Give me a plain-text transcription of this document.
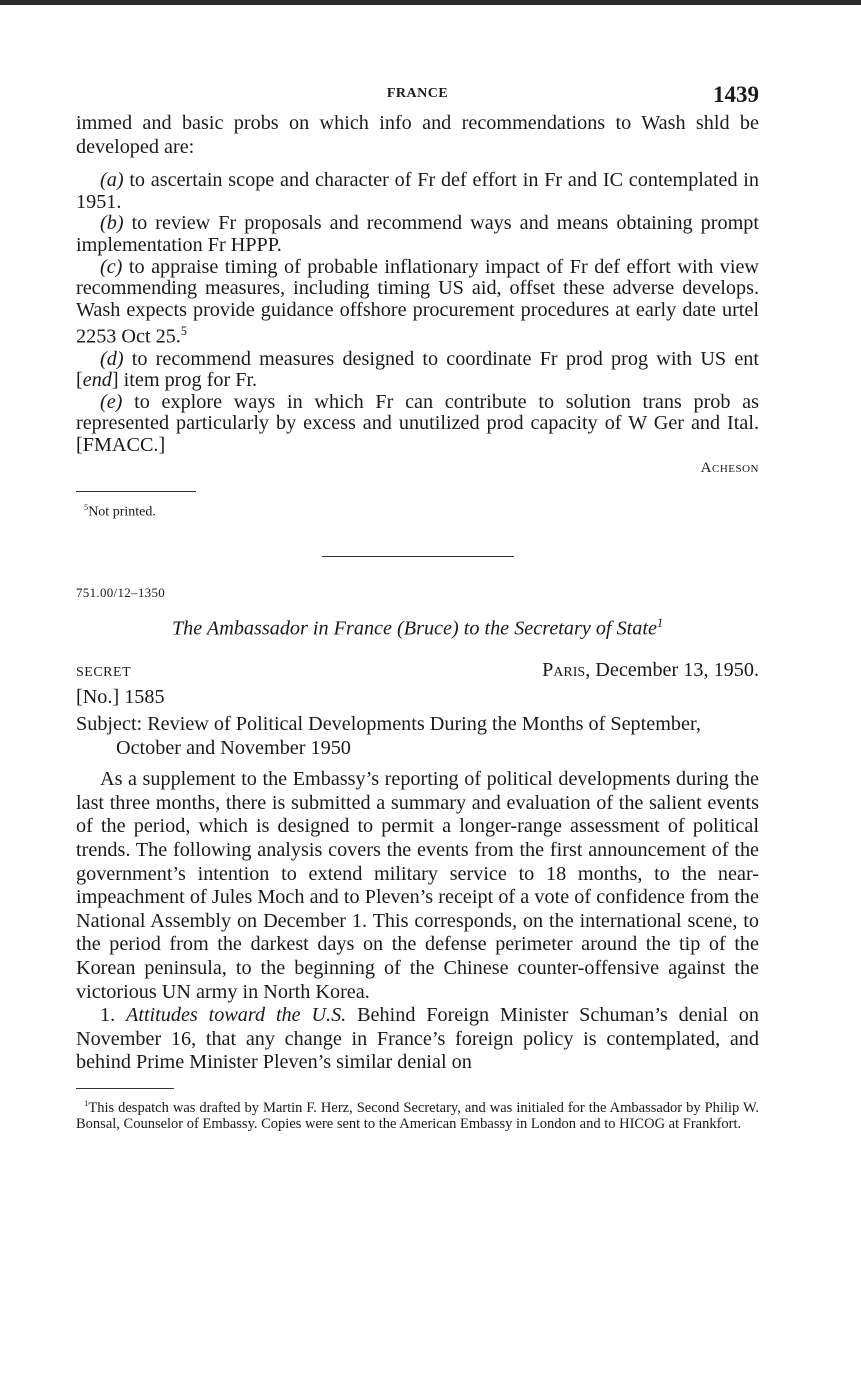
FRANCE	1439

immed and basic probs on which info and recommendations to Wash shld be developed are:

(a) to ascertain scope and character of Fr def effort in Fr and IC contemplated in 1951.

(b) to review Fr proposals and recommend ways and means obtaining prompt implementation Fr HPPP.

(c) to appraise timing of probable inflationary impact of Fr def effort with view recommending measures, including timing US aid, offset these adverse develops. Wash expects provide guidance offshore procurement procedures at early date urtel 2253 Oct 25.$^5$

(d) to recommend measures designed to coordinate Fr prod prog with US ent [end] item prog for Fr.

(e) to explore ways in which Fr can contribute to solution trans prob as represented particularly by excess and unutilized prod capacity of W Ger and Ital. [FMACC.]

Acheson

$^5$Not printed.

751.00/12–1350

The Ambassador in France (Bruce) to the Secretary of State$^1$

SECRET	Paris, December 13, 1950.

[No.] 1585

Subject: Review of Political Developments During the Months of September, October and November 1950

As a supplement to the Embassy’s reporting of political developments during the last three months, there is submitted a summary and evaluation of the salient events of the period, which is designed to permit a longer-range assessment of political trends. The following analysis covers the events from the first announcement of the government’s intention to extend military service to 18 months, to the near-impeachment of Jules Moch and to Pleven’s receipt of a vote of confidence from the National Assembly on December 1. This corresponds, on the international scene, to the period from the darkest days on the defense perimeter around the tip of the Korean peninsula, to the beginning of the Chinese counter-offensive against the victorious UN army in North Korea.

1. Attitudes toward the U.S. Behind Foreign Minister Schuman’s denial on November 16, that any change in France’s foreign policy is contemplated, and behind Prime Minister Pleven’s similar denial on

$^1$This despatch was drafted by Martin F. Herz, Second Secretary, and was initialed for the Ambassador by Philip W. Bonsal, Counselor of Embassy. Copies were sent to the American Embassy in London and to HICOG at Frankfort.
